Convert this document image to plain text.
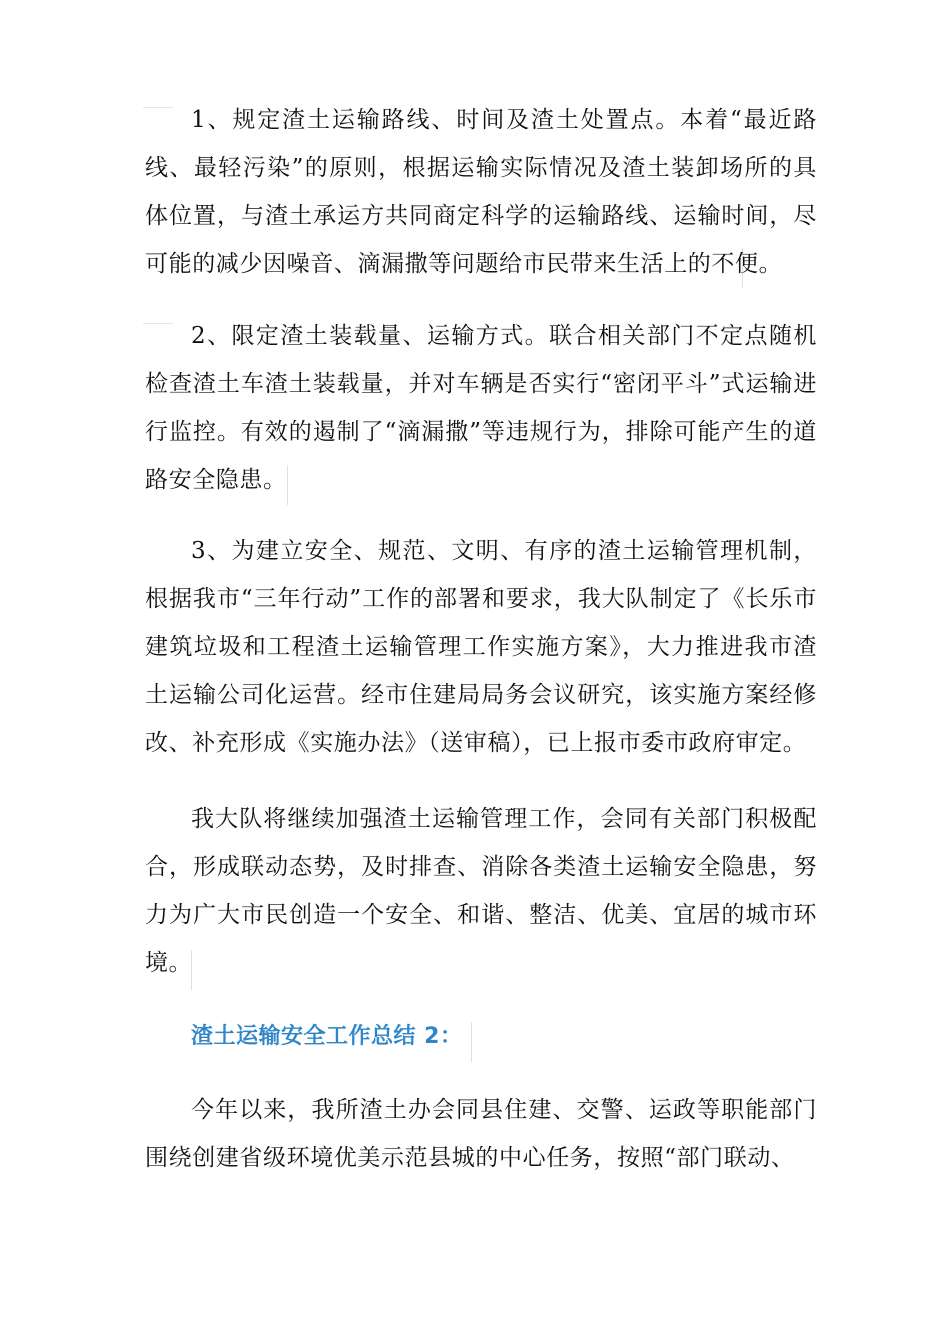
1、规定渣土运输路线、时间及渣土处置点。本着“最近路线、最轻污染”的原则，根据运输实际情况及渣土装卸场所的具体位置，与渣土承运方共同商定科学的运输路线、运输时间，尽可能的减少因噪音、滴漏撒等问题给市民带来生活上的不便。

2、限定渣土装载量、运输方式。联合相关部门不定点随机检查渣土车渣土装载量，并对车辆是否实行“密闭平斗”式运输进行监控。有效的遏制了“滴漏撒”等违规行为，排除可能产生的道路安全隐患。

3、为建立安全、规范、文明、有序的渣土运输管理机制，根据我市“三年行动”工作的部署和要求，我大队制定了《长乐市建筑垃圾和工程渣土运输管理工作实施方案》，大力推进我市渣土运输公司化运营。经市住建局局务会议研究，该实施方案经修改、补充形成《实施办法》（送审稿），已上报市委市政府审定。

我大队将继续加强渣土运输管理工作，会同有关部门积极配合，形成联动态势，及时排查、消除各类渣土运输安全隐患，努力为广大市民创造一个安全、和谐、整洁、优美、宜居的城市环境。

渣土运输安全工作总结 2：

今年以来，我所渣土办会同县住建、交警、运政等职能部门围绕创建省级环境优美示范县城的中心任务，按照“部门联动、
